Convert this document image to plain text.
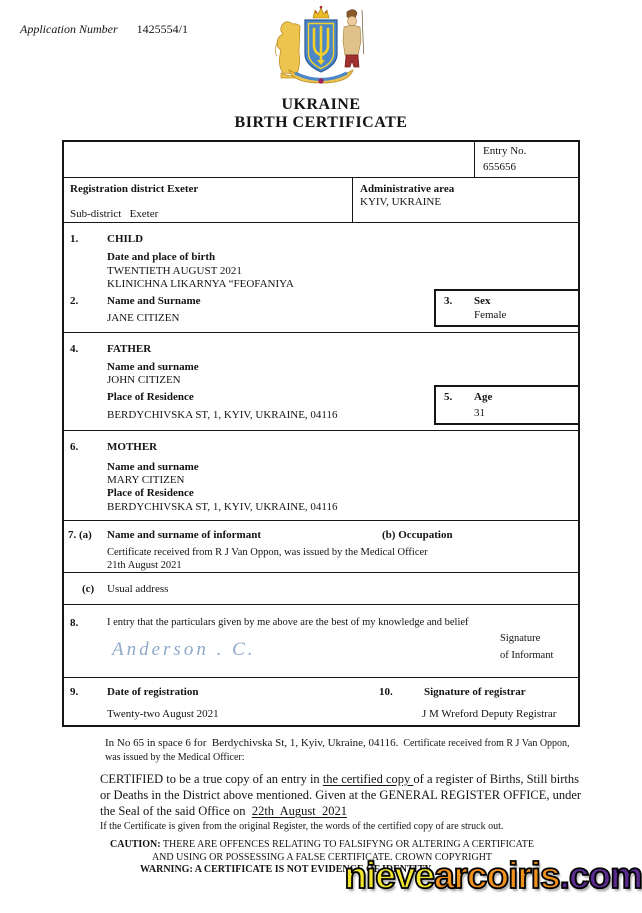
Application Number 1425554/1
UKRAINE
BIRTH CERTIFICATE
Entry No.
655656
Registration district Exeter
Sub-district   Exeter
Administrative area
KYIV, UKRAINE
1.	CHILD
Date and place of birth
TWENTIETH AUGUST 2021
KLINICHNA LIKARNYA “FEOFANIYA
2.	Name and Surname
JANE CITIZEN
3. Sex
Female
4.	FATHER
Name and surname
JOHN CITIZEN
Place of Residence
BERDYCHIVSKA ST, 1, KYIV, UKRAINE, 04116
5. Age
31
6.	MOTHER
Name and surname
MARY CITIZEN
Place of Residence
BERDYCHIVSKA ST, 1, KYIV, UKRAINE, 04116
7. (a) Name and surname of informant	(b) Occupation
Certificate received from R J Van Oppon, was issued by the Medical Officer
21th August 2021
(c) Usual address
8.	I entry that the particulars given by me above are the best of my knowledge and belief
Anderson . C.
Signature
of Informant
9.	Date of registration
Twenty-two August 2021
10.	Signature of registrar
J M Wreford Deputy Registrar
In No 65 in space 6 for  Berdychivska St, 1, Kyiv, Ukraine, 04116.  Certificate received from R J Van Oppon,
was issued by the Medical Officer:
CERTIFIED to be a true copy of an entry in the certified copy of a register of Births, Still births
or Deaths in the District above mentioned. Given at the GENERAL REGISTER OFFICE, under
the Seal of the said Office on  22th  August  2021
If the Certificate is given from the original Register, the words of the certified copy of are struck out.
CAUTION: THERE ARE OFFENCES RELATING TO FALSIFYNG OR ALTERING A CERTIFICATE
AND USING OR POSSESSING A FALSE CERTIFICATE. CROWN COPYRIGHT
WARNING: A CERTIFICATE IS NOT EVIDENCE OF IDENTITY
nievearcoiris.com
